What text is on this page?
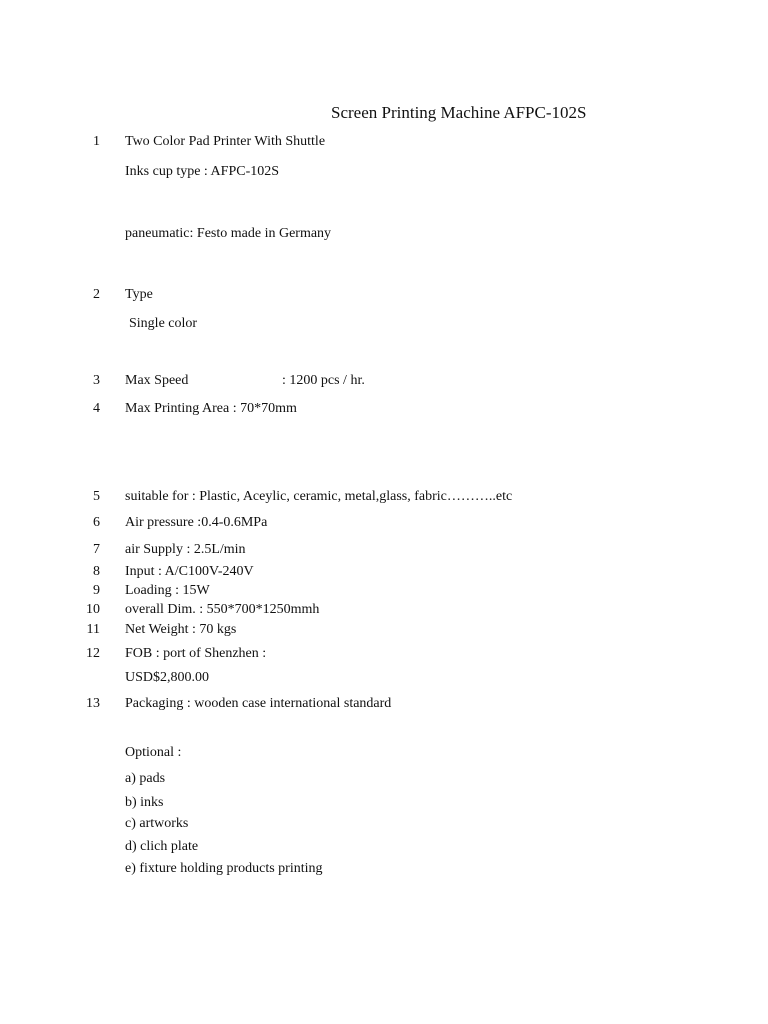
Screen Printing Machine AFPC-102S
1 Two Color Pad Printer With Shuttle
Inks cup type : AFPC-102S
paneumatic: Festo made in Germany
2 Type
Single color
3 Max Speed	: 1200 pcs / hr.
4 Max Printing Area : 70*70mm
5 suitable for : Plastic, Aceylic, ceramic, metal,glass, fabric………..etc
6 Air pressure :0.4-0.6MPa
7 air Supply : 2.5L/min
8 Input : A/C100V-240V
9 Loading : 15W
10 overall Dim. : 550*700*1250mmh
11 Net Weight : 70 kgs
12 FOB : port of Shenzhen :
USD$2,800.00
13 Packaging : wooden case international standard
Optional :
a) pads
b) inks
c) artworks
d) clich plate
e) fixture holding products printing
